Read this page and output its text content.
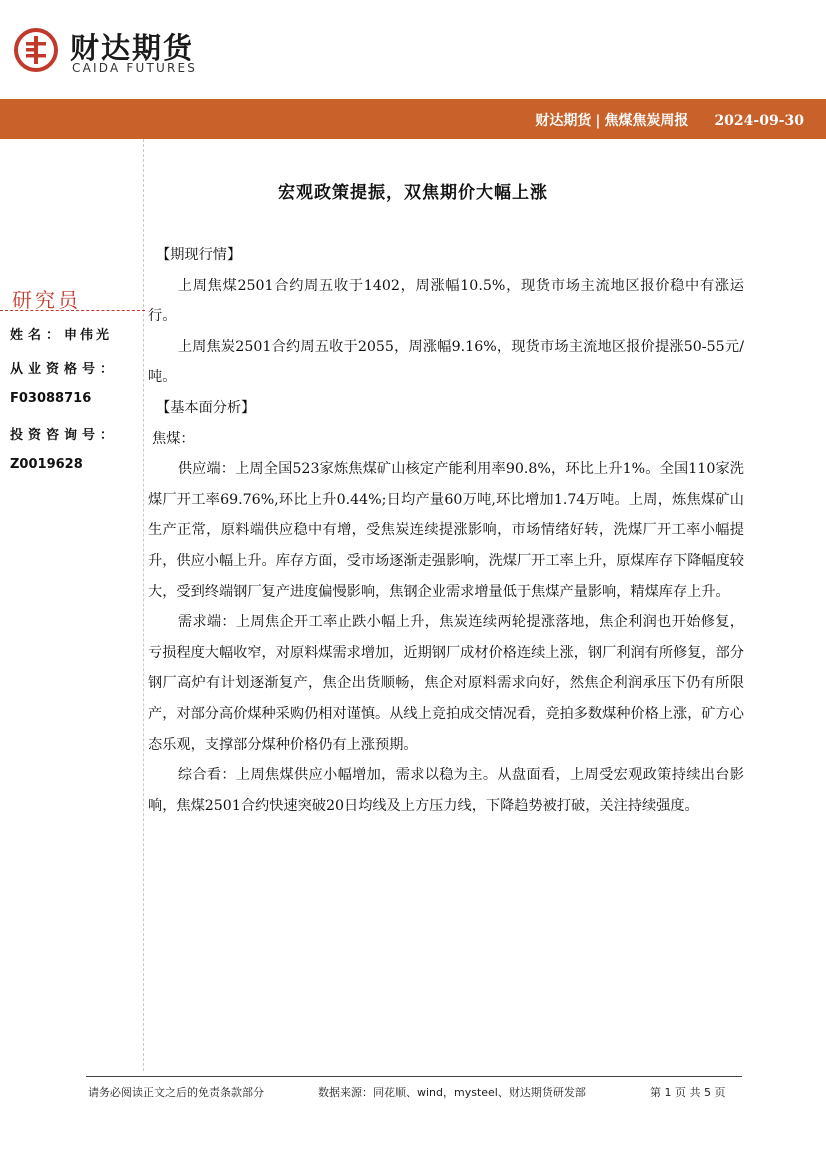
财达期货
CAIDA FUTURES
财达期货 | 焦煤焦炭周报 2024-09-30
宏观政策提振，双焦期价大幅上涨
研究员
姓名：申伟光
从业资格号：
F03088716
投资咨询号：
Z0019628

【期现行情】

上周焦煤2501合约周五收于1402，周涨幅10.5%，现货市场主流地区报价稳中有涨运行。

上周焦炭2501合约周五收于2055，周涨幅9.16%，现货市场主流地区报价提涨50-55元/吨。

【基本面分析】

焦煤：

供应端：上周全国523家炼焦煤矿山核定产能利用率90.8%，环比上升1%。全国110家洗煤厂开工率69.76%,环比上升0.44%;日均产量60万吨,环比增加1.74万吨。上周，炼焦煤矿山生产正常，原料端供应稳中有增，受焦炭连续提涨影响，市场情绪好转，洗煤厂开工率小幅提升，供应小幅上升。库存方面，受市场逐渐走强影响，洗煤厂开工率上升，原煤库存下降幅度较大，受到终端钢厂复产进度偏慢影响，焦钢企业需求增量低于焦煤产量影响，精煤库存上升。

需求端：上周焦企开工率止跌小幅上升，焦炭连续两轮提涨落地，焦企利润也开始修复，亏损程度大幅收窄，对原料煤需求增加，近期钢厂成材价格连续上涨，钢厂利润有所修复，部分钢厂高炉有计划逐渐复产，焦企出货顺畅，焦企对原料需求向好，然焦企利润承压下仍有所限产，对部分高价煤种采购仍相对谨慎。从线上竞拍成交情况看，竞拍多数煤种价格上涨，矿方心态乐观，支撑部分煤种价格仍有上涨预期。

综合看：上周焦煤供应小幅增加，需求以稳为主。从盘面看，上周受宏观政策持续出台影响，焦煤2501合约快速突破20日均线及上方压力线，下降趋势被打破，关注持续强度。

请务必阅读正文之后的免责条款部分	数据来源：同花顺、wind，mysteel、财达期货研发部	第 1 页 共 5 页
